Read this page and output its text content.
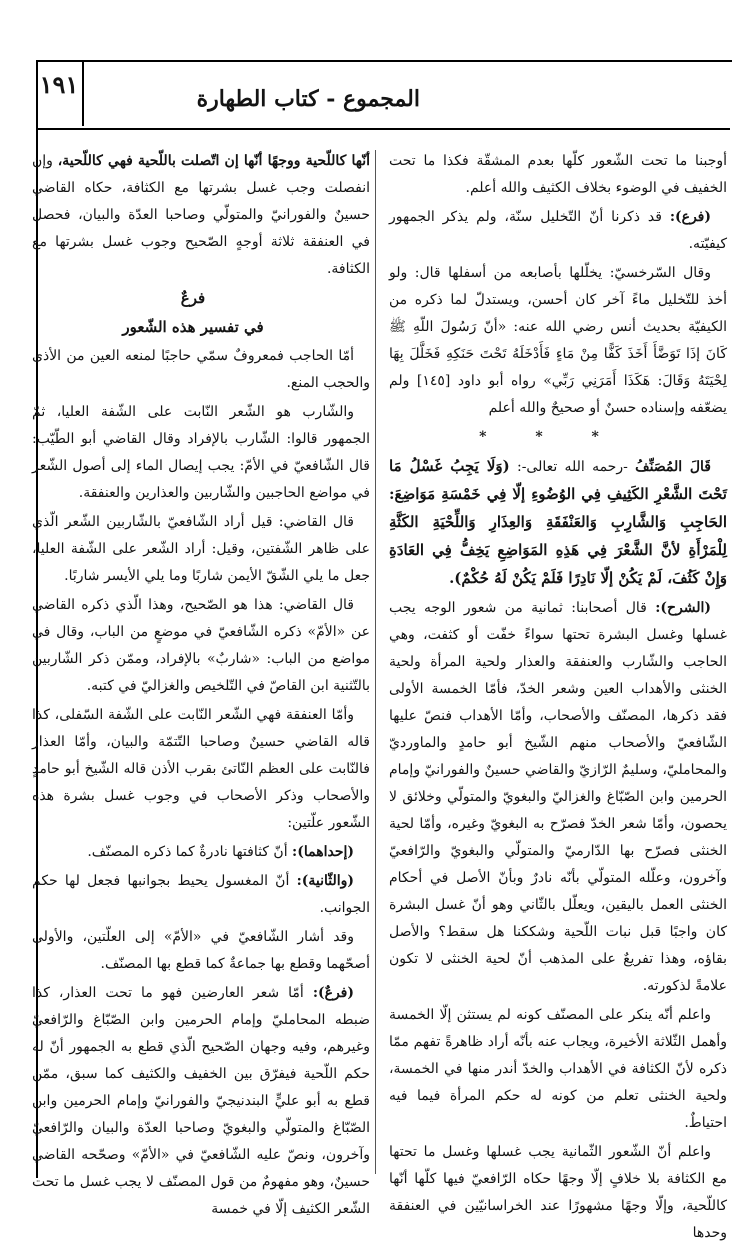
١٩١	المجموع - كتاب الطهارة

أوجبنا ما تحت الشّعور كلّها بعدم المشقّة فكذا ما تحت الخفيف في الوضوء بخلاف الكثيف والله أعلم.

(فرع): قد ذكرنا أنّ التّخليل سنّة، ولم يذكر الجمهور كيفيّته.

وقال السّرخسيّ: يخلّلها بأصابعه من أسفلها قال: ولو أخذ للتّخليل ماءً آخر كان أحسن، ويستدلّ لما ذكره من الكيفيّة بحديث أنس رضي الله عنه: «أنّ رَسُولَ اللّهِ ﷺ كَانَ إذَا تَوَضَّأَ أَخَذَ كَفًّا مِنْ مَاءٍ فَأَدْخَلَهُ تَحْتَ حَنَكِهِ فَخَلَّلَ بِهَا لِحْيَتَهُ وَقَالَ: هَكَذَا أَمَرَنِي رَبِّي» رواه أبو داود [١٤٥] ولم يضعّفه وإسناده حسنٌ أو صحيحٌ والله أعلم

* * *

قَالَ المُصَنِّفُ -رحمه الله تعالى-: (وَلَا يَجِبُ غَسْلُ مَا تَحْتَ الشَّعْرِ الكَثِيفِ فِي الوُضُوءِ إلّا فِي خَمْسَةِ مَوَاضِعَ: الحَاجِبِ وَالشَّارِبِ وَالعَنْفَقَةِ وَالعِذَارِ وَاللِّحْيَةِ الكَثَّةِ لِلْمَرْأَةِ لأنَّ الشَّعْرَ فِي هَذِهِ المَوَاضِعِ يَخِفُّ فِي العَادَةِ وَإِنْ كَثُفَ، لَمْ يَكُنْ إلّا نَادِرًا فَلَمْ يَكُنْ لَهُ حُكْمٌ).

(الشرح): قال أصحابنا: ثمانية من شعور الوجه يجب غسلها وغسل البشرة تحتها سواءً خفّت أو كثفت، وهي الحاجب والشّارب والعنفقة والعذار ولحية المرأة ولحية الخنثى والأهداب العين وشعر الخدّ، فأمّا الخمسة الأولى فقد ذكرها، المصنّف والأصحاب، وأمّا الأهداب فنصّ عليها الشّافعيّ والأصحاب منهم الشّيخ أبو حامدٍ والماورديّ والمحامليّ، وسليمٌ الرّازيّ والقاضي حسينٌ والفورانيّ وإمام الحرمين وابن الصّبّاغ والغزاليّ والبغويّ والمتولّي وخلائق لا يحصون، وأمّا شعر الخدّ فصرّح به البغويّ وغيره، وأمّا لحية الخنثى فصرّح بها الدّارميّ والمتولّي والبغويّ والرّافعيّ وآخرون، وعلّله المتولّي بأنّه نادرٌ وبأنّ الأصل في أحكام الخنثى العمل باليقين، ويعلّل بالثّاني وهو أنّ غسل البشرة كان واجبًا قبل نبات اللّحية وشككنا هل سقط؟ والأصل بقاؤه، وهذا تفريعٌ على المذهب أنّ لحية الخنثى لا تكون علامةً لذكورته.

واعلم أنّه ينكر على المصنّف كونه لم يستثن إلّا الخمسة وأهمل الثّلاثة الأخيرة، ويجاب عنه بأنّه أراد ظاهرةً تفهم ممّا ذكره لأنّ الكثافة في الأهداب والخدّ أندر منها في الخمسة، ولحية الخنثى تعلم من كونه له حكم المرأة فيما فيه احتياطٌ.

واعلم أنّ الشّعور الثّمانية يجب غسلها وغسل ما تحتها مع الكثافة بلا خلافٍ إلّا وجهًا حكاه الرّافعيّ فيها كلّها أنّها كاللّحية، وإلّا وجهًا مشهورًا عند الخراسانيّين في العنفقة وحدها

أنّها كاللّحية ووجهًا أنّها إن اتّصلت باللّحية فهي كاللّحية، وإن انفصلت وجب غسل بشرتها مع الكثافة، حكاه القاضي حسينٌ والفورانيّ والمتولّي وصاحبا العدّة والبيان، فحصل في العنفقة ثلاثة أوجهٍ الصّحيح وجوب غسل بشرتها مع الكثافة.

فرعٌ

في تفسير هذه الشّعور

أمّا الحاجب فمعروفٌ سمّي حاجبًا لمنعه العين من الأذى والحجب المنع.

والشّارب هو الشّعر النّابت على الشّفة العليا، ثمّ الجمهور قالوا: الشّارب بالإفراد وقال القاضي أبو الطّيّب: قال الشّافعيّ في الأمّ: يجب إيصال الماء إلى أصول الشّعر في مواضع الحاجبين والشّاربين والعذارين والعنفقة.

قال القاضي: قيل أراد الشّافعيّ بالشّاربين الشّعر الّذي على ظاهر الشّفتين، وقيل: أراد الشّعر على الشّفة العليا، جعل ما يلي الشّقّ الأيمن شاربًا وما يلي الأيسر شاربًا.

قال القاضي: هذا هو الصّحيح، وهذا الّذي ذكره القاضي عن «الأمّ» ذكره الشّافعيّ في موضعٍ من الباب، وقال في مواضع من الباب: «شاربٌ» بالإفراد، وممّن ذكر الشّاربين بالتّثنية ابن القاصّ في التّلخيص والغزاليّ في كتبه.

وأمّا العنفقة فهي الشّعر النّابت على الشّفة السّفلى، كذا قاله القاضي حسينٌ وصاحبا التّتمّة والبيان، وأمّا العذار فالنّابت على العظم النّاتئ بقرب الأذن قاله الشّيخ أبو حامدٍ والأصحاب وذكر الأصحاب في وجوب غسل بشرة هذه الشّعور علّتين:

(إحداهما): أنّ كثافتها نادرةٌ كما ذكره المصنّف.

(والثّانية): أنّ المغسول يحيط بجوانبها فجعل لها حكم الجوانب.

وقد أشار الشّافعيّ في «الأمّ» إلى العلّتين، والأولى أصحّهما وقطع بها جماعةٌ كما قطع بها المصنّف.

(فرعٌ): أمّا شعر العارضين فهو ما تحت العذار، كذا ضبطه المحامليّ وإمام الحرمين وابن الصّبّاغ والرّافعيّ وغيرهم، وفيه وجهان الصّحيح الّذي قطع به الجمهور أنّ له حكم اللّحية فيفرّق بين الخفيف والكثيف كما سبق، ممّن قطع به أبو عليٍّ البندنيجيّ والفورانيّ وإمام الحرمين وابن الصّبّاغ والمتولّي والبغويّ وصاحبا العدّة والبيان والرّافعيّ وآخرون، ونصّ عليه الشّافعيّ في «الأمّ» وصحّحه القاضي حسينٌ، وهو مفهومٌ من قول المصنّف لا يجب غسل ما تحت الشّعر الكثيف إلّا في خمسة
